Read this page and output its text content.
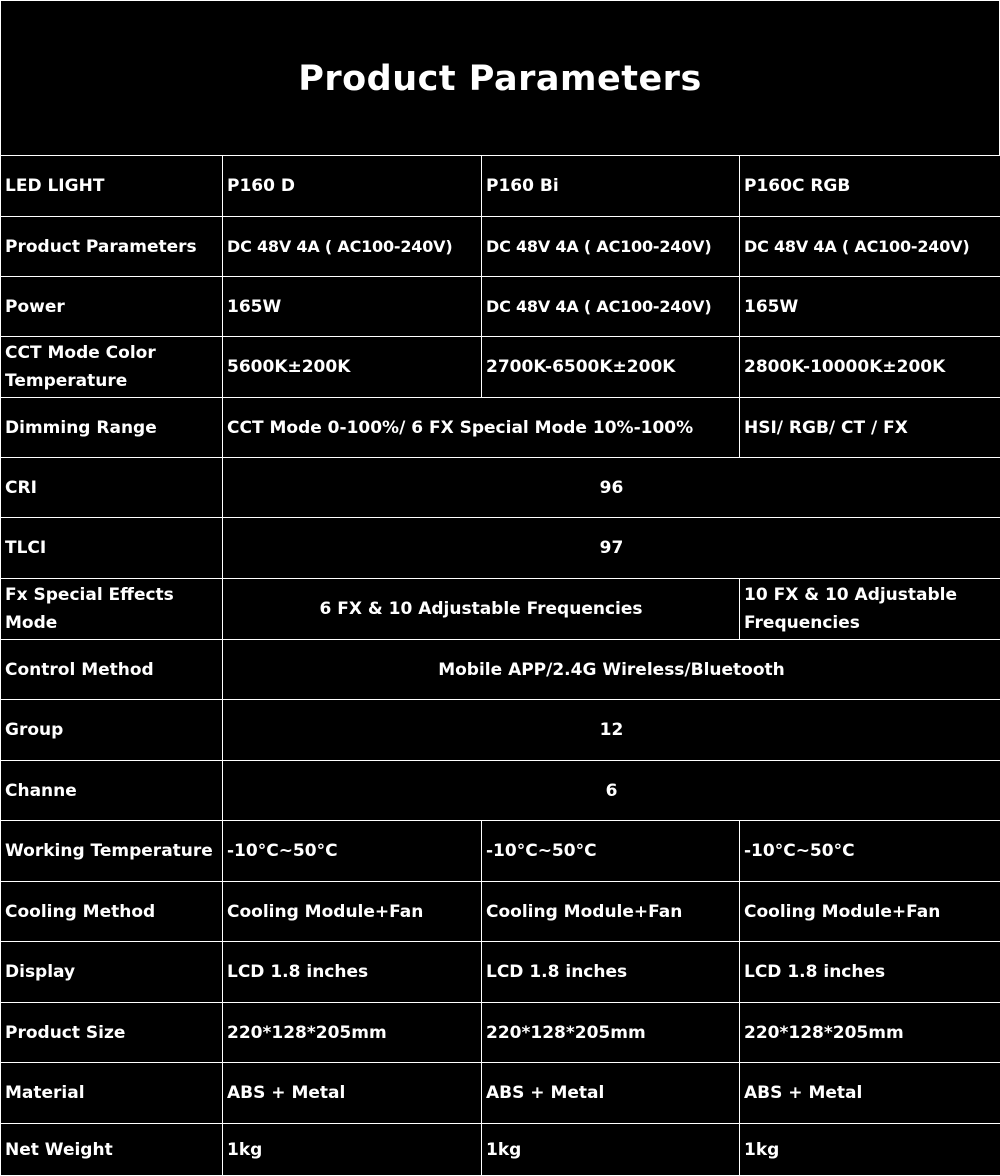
Product Parameters
LED LIGHT	P160 D	P160 Bi	P160C RGB
Product Parameters	DC 48V 4A ( AC100-240V)	DC 48V 4A ( AC100-240V)	DC 48V 4A ( AC100-240V)
Power	165W	DC 48V 4A ( AC100-240V)	165W
CCT Mode Color Temperature	5600K±200K	2700K-6500K±200K	2800K-10000K±200K
Dimming Range	CCT Mode 0-100%/ 6 FX Special Mode 10%-100%		HSI/ RGB/ CT / FX
CRI	96		
TLCI	97		
Fx Special Effects Mode	6 FX & 10 Adjustable Frequencies		10 FX & 10 Adjustable Frequencies
Control Method	Mobile APP/2.4G Wireless/Bluetooth		
Group	12		
Channe	6		
Working Temperature	-10°C~50°C	-10°C~50°C	-10°C~50°C
Cooling Method	Cooling Module+Fan	Cooling Module+Fan	Cooling Module+Fan
Display	LCD 1.8 inches	LCD 1.8 inches	LCD 1.8 inches
Product Size	220*128*205mm	220*128*205mm	220*128*205mm
Material	ABS + Metal	ABS + Metal	ABS + Metal
Net Weight	1kg	1kg	1kg
